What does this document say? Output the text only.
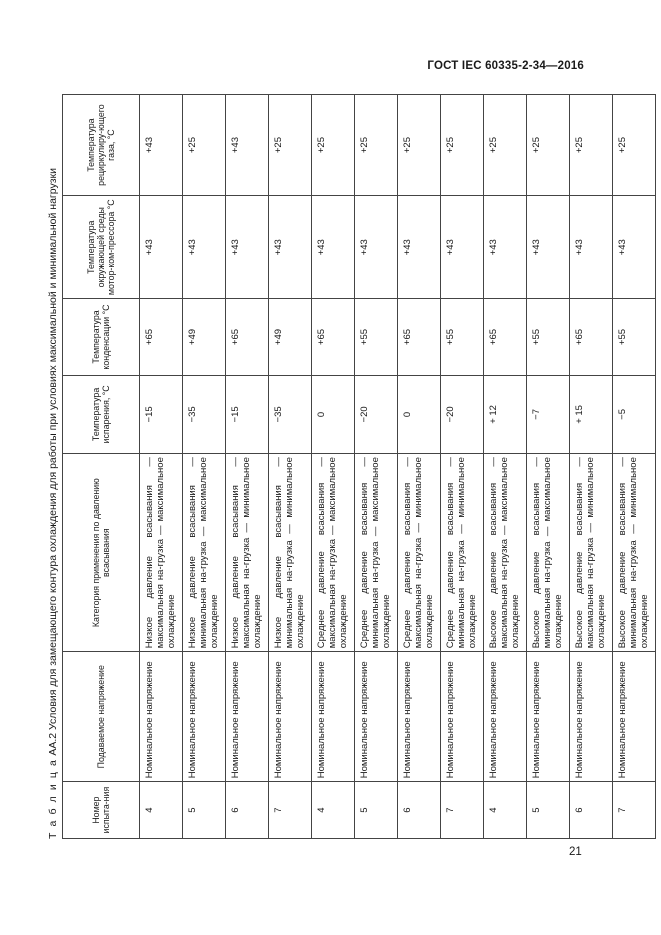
ГОСТ IEC 60335-2-34—2016
Т а б л и ц а АА.2 Условия для замещающего контура охлаждения для работы при условиях максимальной и минимальной нагрузки
Номер испыта-ния	Подаваемое напряжение	Категория применения по давлению всасывания	Температура испарения, °С	Температура конденсации °С	Температура окружающей среды мотор-ком-прессора °С	Температура рециркулиру-ющего газа, °С
4	Номинальное напряжение	Низкое давление всасывания — максимальная на-грузка — максимальное охлаждение	−15	+65	+43	+43
5	Номинальное напряжение	Низкое давление всасывания — минимальная на-грузка — максимальное охлаждение	−35	+49	+43	+25
6	Номинальное напряжение	Низкое давление всасывания — максимальная на-грузка — минимальное охлаждение	−15	+65	+43	+43
7	Номинальное напряжение	Низкое давление всасывания — минимальная на-грузка — минимальное охлаждение	−35	+49	+43	+25
4	Номинальное напряжение	Среднее давление всасывания — максимальная на-грузка — максимальное охлаждение	0	+65	+43	+25
5	Номинальное напряжение	Среднее давление всасывания — минимальная на-грузка — максимальное охлаждение	−20	+55	+43	+25
6	Номинальное напряжение	Среднее давление всасывания — максимальная на-грузка — минимальное охлаждение	0	+65	+43	+25
7	Номинальное напряжение	Среднее давление всасывания — минимальная на-грузка — минимальное охлаждение	−20	+55	+43	+25
4	Номинальное напряжение	Высокое давление всасывания — максимальная на-грузка — максимальное охлаждение	+ 12	+65	+43	+25
5	Номинальное напряжение	Высокое давление всасывания — минимальная на-грузка — максимальное охлаждение	−7	+55	+43	+25
6	Номинальное напряжение	Высокое давление всасывания — максимальная на-грузка — минимальное охлаждение	+ 15	+65	+43	+25
7	Номинальное напряжение	Высокое давление всасывания — минимальная на-грузка — минимальное охлаждение	−5	+55	+43	+25
21
